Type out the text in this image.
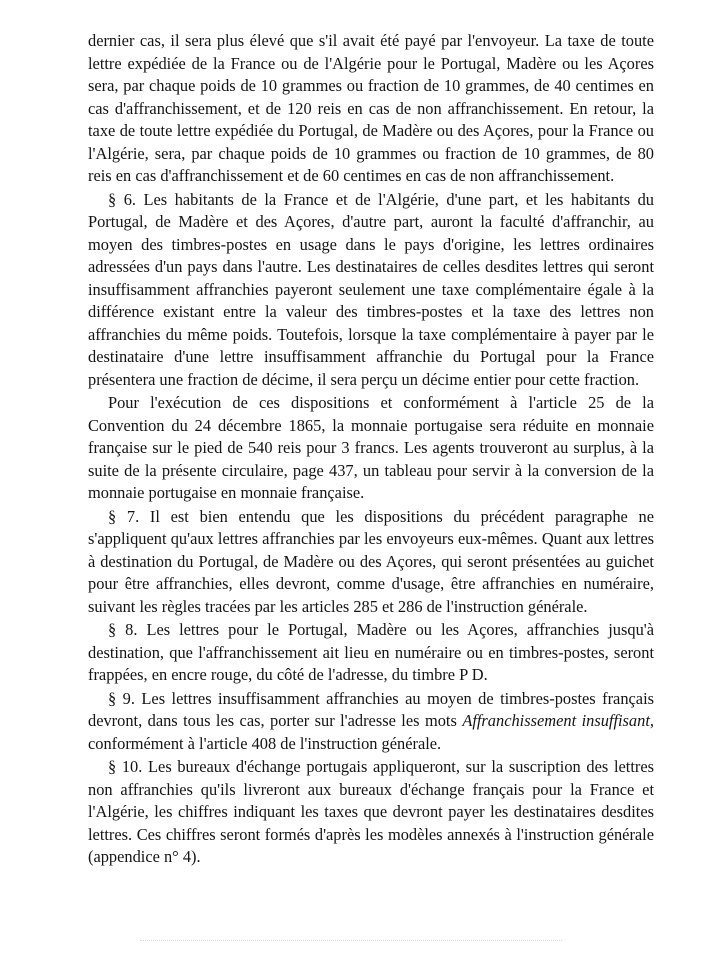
dernier cas, il sera plus élevé que s'il avait été payé par l'envoyeur. La taxe de toute lettre expédiée de la France ou de l'Algérie pour le Portugal, Madère ou les Açores sera, par chaque poids de 10 grammes ou fraction de 10 grammes, de 40 centimes en cas d'affranchissement, et de 120 reis en cas de non affranchissement. En retour, la taxe de toute lettre expédiée du Portugal, de Madère ou des Açores, pour la France ou l'Algérie, sera, par chaque poids de 10 grammes ou fraction de 10 grammes, de 80 reis en cas d'affranchissement et de 60 centimes en cas de non affranchissement.

§ 6. Les habitants de la France et de l'Algérie, d'une part, et les habitants du Portugal, de Madère et des Açores, d'autre part, auront la faculté d'affranchir, au moyen des timbres-postes en usage dans le pays d'origine, les lettres ordinaires adressées d'un pays dans l'autre. Les destinataires de celles desdites lettres qui seront insuffisamment affranchies payeront seulement une taxe complémentaire égale à la différence existant entre la valeur des timbres-postes et la taxe des lettres non affranchies du même poids. Toutefois, lorsque la taxe complémentaire à payer par le destinataire d'une lettre insuffisamment affranchie du Portugal pour la France présentera une fraction de décime, il sera perçu un décime entier pour cette fraction.

Pour l'exécution de ces dispositions et conformément à l'article 25 de la Convention du 24 décembre 1865, la monnaie portugaise sera réduite en monnaie française sur le pied de 540 reis pour 3 francs. Les agents trouveront au surplus, à la suite de la présente circulaire, page 437, un tableau pour servir à la conversion de la monnaie portugaise en monnaie française.

§ 7. Il est bien entendu que les dispositions du précédent paragraphe ne s'appliquent qu'aux lettres affranchies par les envoyeurs eux-mêmes. Quant aux lettres à destination du Portugal, de Madère ou des Açores, qui seront présentées au guichet pour être affranchies, elles devront, comme d'usage, être affranchies en numéraire, suivant les règles tracées par les articles 285 et 286 de l'instruction générale.

§ 8. Les lettres pour le Portugal, Madère ou les Açores, affranchies jusqu'à destination, que l'affranchissement ait lieu en numéraire ou en timbres-postes, seront frappées, en encre rouge, du côté de l'adresse, du timbre P D.

§ 9. Les lettres insuffisamment affranchies au moyen de timbres-postes français devront, dans tous les cas, porter sur l'adresse les mots Affranchissement insuffisant, conformément à l'article 408 de l'instruction générale.

§ 10. Les bureaux d'échange portugais appliqueront, sur la suscription des lettres non affranchies qu'ils livreront aux bureaux d'échange français pour la France et l'Algérie, les chiffres indiquant les taxes que devront payer les destinataires desdites lettres. Ces chiffres seront formés d'après les modèles annexés à l'instruction générale (appendice n° 4).
